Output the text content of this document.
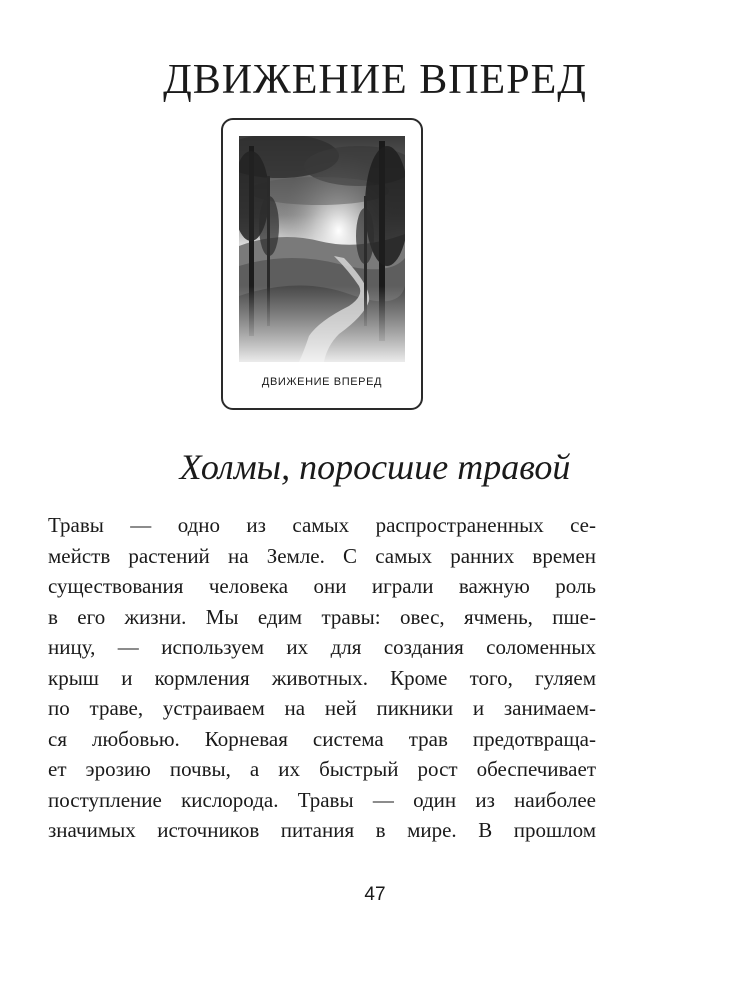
ДВИЖЕНИЕ ВПЕРЕД
ДВИЖЕНИЕ ВПЕРЕД
Холмы, поросшие травой
Травы — одно из самых распространенных се-
мейств растений на Земле. С самых ранних времен
существования человека они играли важную роль
в его жизни. Мы едим травы: овес, ячмень, пше-
ницу, — используем их для создания соломенных
крыш и кормления животных. Кроме того, гуляем
по траве, устраиваем на ней пикники и занимаем-
ся любовью. Корневая система трав предотвраща-
ет эрозию почвы, а их быстрый рост обеспечивает
поступление кислорода. Травы — один из наиболее
значимых источников питания в мире. В прошлом
47
